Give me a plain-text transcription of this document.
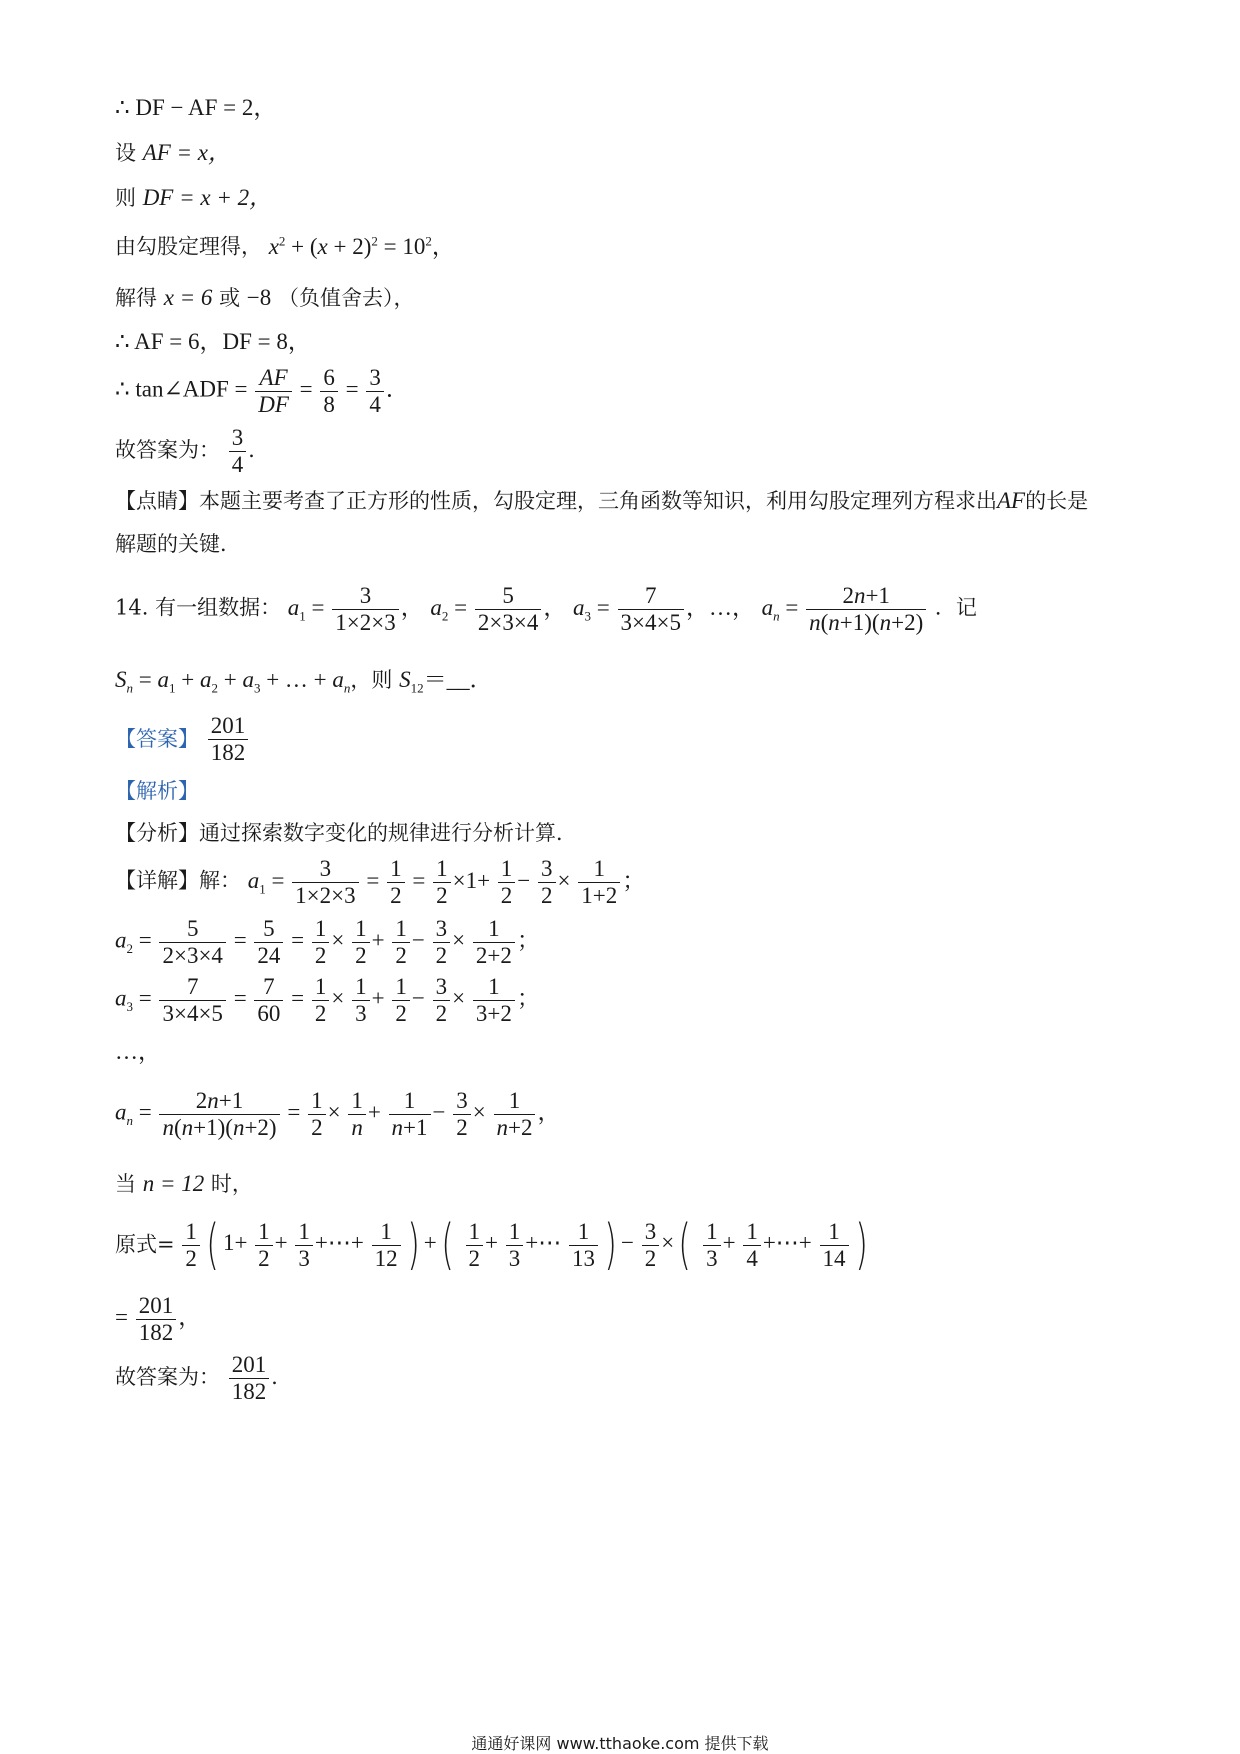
∴ DF − AF = 2，
设 AF = x，
则 DF = x + 2，
由勾股定理得， $x^2 + (x + 2)^2 = 10^2$，
解得 x = 6 或 −8 （负值舍去），
∴ AF = 6，DF = 8，
∴ tan∠ADF = $\frac{AF}{DF} = \frac{6}{8} = \frac{3}{4}$ ．
故答案为： $\frac{3}{4}$ ．
【点睛】本题主要考查了正方形的性质，勾股定理，三角函数等知识，利用勾股定理列方程求出AF的长是
解题的关键．
14. 有一组数据： $a_1 = \frac{3}{1\times 2\times 3}$ ， $a_2 = \frac{5}{2\times 3\times 4}$ ， $a_3 = \frac{7}{3\times 4\times 5}$ ，…， $a_n = \frac{2n+1}{n(n+1)(n+2)}$ ．记
$S_n = a_1 + a_2 + a_3$ + … + $a_n$，则 $S_{12}=\_\_$．
【答案】 $\frac{201}{182}$
【解析】
【分析】通过探索数字变化的规律进行分析计算．
【详解】解： $a_1 = \frac{3}{1\times 2\times 3} = \frac{1}{2} = \frac{1}{2} \times 1+ \frac{1}{2} - \frac{3}{2} \times \frac{1}{1+2}$ ；
$a_2 = \frac{5}{2\times 3\times 4} = \frac{5}{24} = \frac{1}{2} \times \frac{1}{2} + \frac{1}{2} - \frac{3}{2} \times \frac{1}{2+2}$ ；
$a_3 = \frac{7}{3\times 4\times 5} = \frac{7}{60} = \frac{1}{2} \times \frac{1}{3} + \frac{1}{2} - \frac{3}{2} \times \frac{1}{3+2}$ ；
…，
$a_n = \frac{2n+1}{n(n+1)(n+2)} = \frac{1}{2} \times \frac{1}{n} + \frac{1}{n+1} - \frac{3}{2} \times \frac{1}{n+2}$ ，
当 n = 12 时，
原式= $\frac{1}{2}$ ( $1+ \frac{1}{2} + \frac{1}{3}$ +⋯+ $\frac{1}{12}$ ) +( $\frac{1}{2} + \frac{1}{3}$ +⋯ $\frac{1}{13}$ ) − $\frac{3}{2}$ ×( $\frac{1}{3} + \frac{1}{4}$ +⋯+ $\frac{1}{14}$ )
= $\frac{201}{182}$ ，
故答案为： $\frac{201}{182}$ ．
通通好课网 www.tthaoke.com 提供下载
